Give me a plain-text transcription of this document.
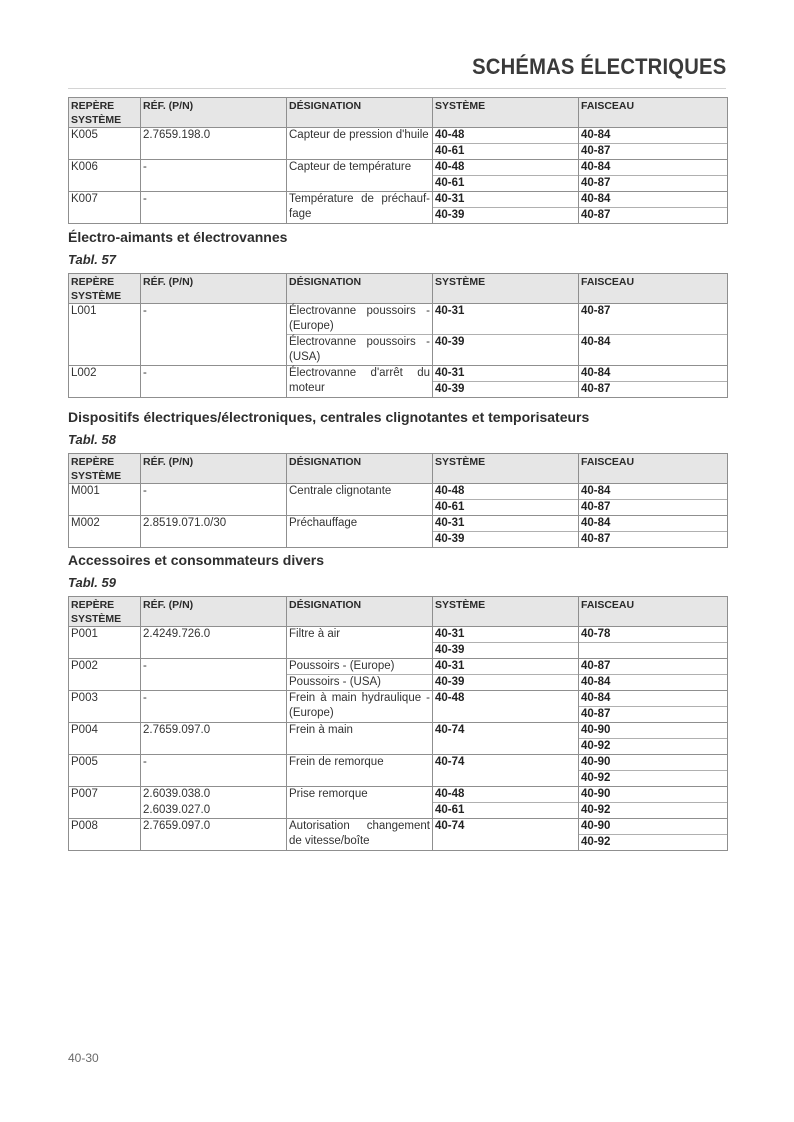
SCHÉMAS ÉLECTRIQUES
REPÈRE SYSTÈME	RÉF. (P/N)	DÉSIGNATION	SYSTÈME	FAISCEAU
K005	2.7659.198.0	Capteur de pression d'huile	40-48	40-84
			40-61	40-87
K006	-	Capteur de température	40-48	40-84
			40-61	40-87
K007	-	Température de préchauf-fage	40-31	40-84
			40-39	40-87

Électro-aimants et électrovannes

Tabl. 57

REPÈRE SYSTÈME	RÉF. (P/N)	DÉSIGNATION	SYSTÈME	FAISCEAU
L001	-	Électrovanne poussoirs - (Europe)	40-31	40-87
		Électrovanne poussoirs - (USA)	40-39	40-84
L002	-	Électrovanne d'arrêt du moteur	40-31	40-84
			40-39	40-87

Dispositifs électriques/électroniques, centrales clignotantes et temporisateurs

Tabl. 58

REPÈRE SYSTÈME	RÉF. (P/N)	DÉSIGNATION	SYSTÈME	FAISCEAU
M001	-	Centrale clignotante	40-48	40-84
			40-61	40-87
M002	2.8519.071.0/30	Préchauffage	40-31	40-84
			40-39	40-87

Accessoires et consommateurs divers

Tabl. 59

REPÈRE SYSTÈME	RÉF. (P/N)	DÉSIGNATION	SYSTÈME	FAISCEAU
P001	2.4249.726.0	Filtre à air	40-31	40-78
			40-39	
P002	-	Poussoirs - (Europe)	40-31	40-87
		Poussoirs - (USA)	40-39	40-84
P003	-	Frein à main hydraulique - (Europe)	40-48	40-84
				40-87
P004	2.7659.097.0	Frein à main	40-74	40-90
				40-92
P005	-	Frein de remorque	40-74	40-90
				40-92
P007	2.6039.038.0	Prise remorque	40-48	40-90
	2.6039.027.0		40-61	40-92
P008	2.7659.097.0	Autorisation changement de vitesse/boîte	40-74	40-90
				40-92
40-30
